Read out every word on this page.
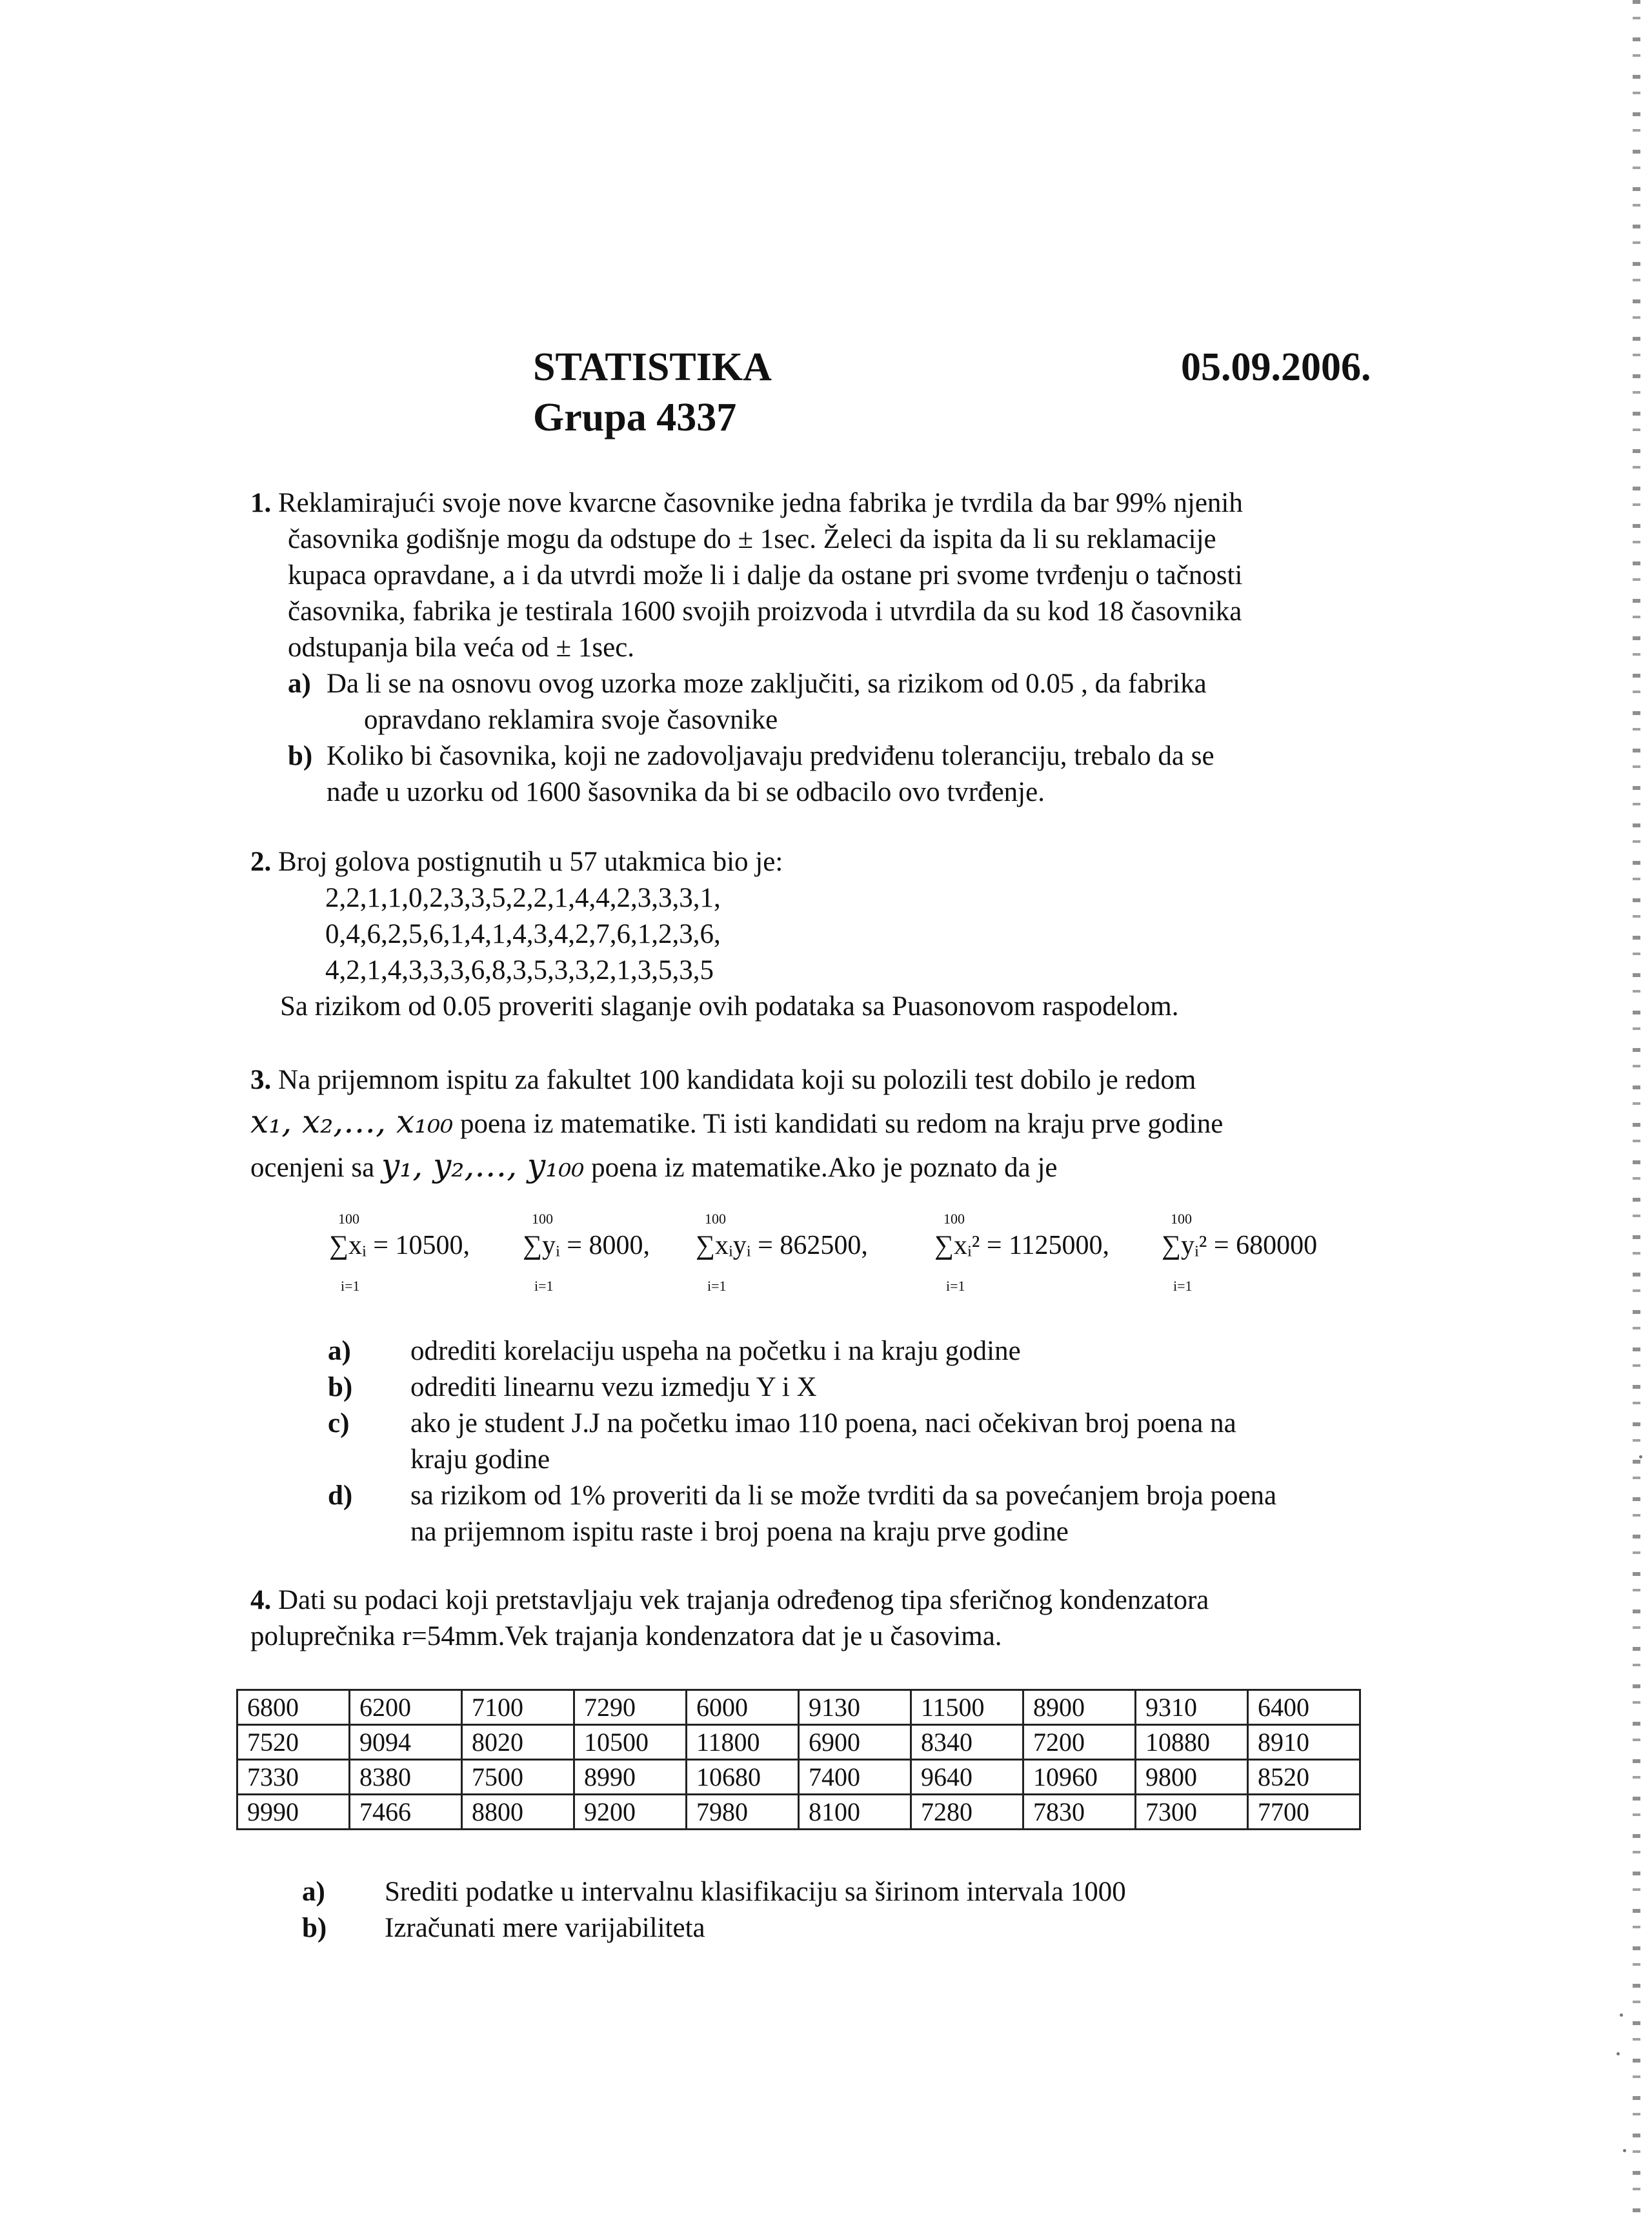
STATISTIKA
Grupa 4337
05.09.2006.
1. Reklamirajući svoje nove kvarcne časovnike jedna fabrika je tvrdila da bar 99% njenih
časovnika godišnje mogu da odstupe do ± 1sec. Želeci da ispita da li su reklamacije
kupaca opravdane, a i da utvrdi može li i dalje da ostane pri svome tvrđenju o tačnosti
časovnika, fabrika je testirala 1600 svojih proizvoda i utvrdila da su kod 18 časovnika
odstupanja bila veća od ± 1sec.
a) Da li se na osnovu ovog uzorka moze zaključiti, sa rizikom od 0.05 , da fabrika
opravdano reklamira svoje časovnike
b) Koliko bi časovnika, koji ne zadovoljavaju predviđenu toleranciju, trebalo da se
nađe u uzorku od 1600 šasovnika da bi se odbacilo ovo tvrđenje.
2. Broj golova postignutih u 57 utakmica bio je:
2,2,1,1,0,2,3,3,5,2,2,1,4,4,2,3,3,3,1,
0,4,6,2,5,6,1,4,1,4,3,4,2,7,6,1,2,3,6,
4,2,1,4,3,3,3,6,8,3,5,3,3,2,1,3,5,3,5
Sa rizikom od 0.05 proveriti slaganje ovih podataka sa Puasonovom raspodelom.
3. Na prijemnom ispitu za fakultet 100 kandidata koji su polozili test dobilo je redom
x₁, x₂,…, x₁₀₀ poena iz matematike. Ti isti kandidati su redom na kraju prve godine
ocenjeni sa y₁, y₂,…, y₁₀₀ poena iz matematike.Ako je poznato da je
100
i=1
∑xᵢ = 10500,
100
i=1
∑yᵢ = 8000,
100
i=1
∑xᵢyᵢ = 862500,
100
i=1
∑xᵢ² = 1125000,
100
i=1
∑yᵢ² = 680000
a) odrediti korelaciju uspeha na početku i na kraju godine
b) odrediti linearnu vezu izmedju Y i X
c) ako je student J.J na početku imao 110 poena, naci očekivan broj poena na
kraju godine
d) sa rizikom od 1% proveriti da li se može tvrditi da sa povećanjem broja poena
na prijemnom ispitu raste i broj poena na kraju prve godine
4. Dati su podaci koji pretstavljaju vek trajanja određenog tipa sferičnog kondenzatora
poluprečnika r=54mm.Vek trajanja kondenzatora dat je u časovima.
6800	6200	7100	7290	6000	9130	11500	8900	9310	6400
7520	9094	8020	10500	11800	6900	8340	7200	10880	8910
7330	8380	7500	8990	10680	7400	9640	10960	9800	8520
9990	7466	8800	9200	7980	8100	7280	7830	7300	7700
a) Srediti podatke u intervalnu klasifikaciju sa širinom intervala 1000
b) Izračunati mere varijabiliteta
